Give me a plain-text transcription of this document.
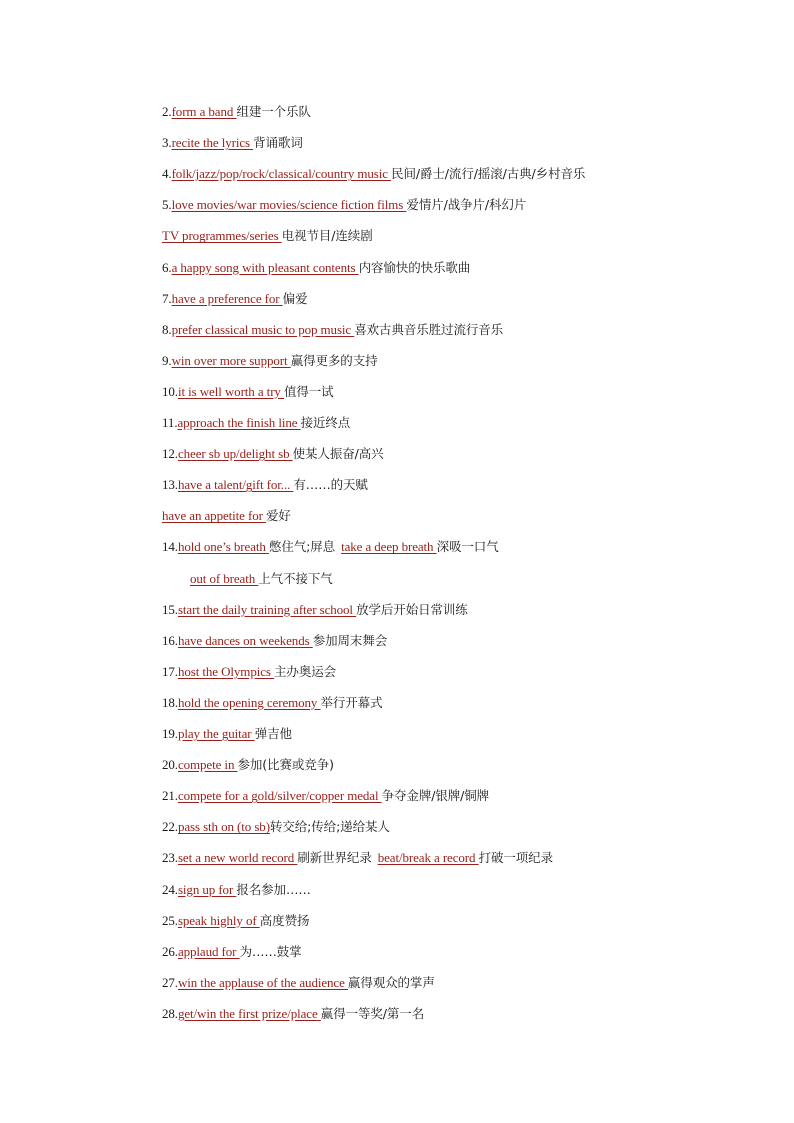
2.form a band 组建一个乐队
3.recite the lyrics 背诵歌词
4.folk/jazz/pop/rock/classical/country music 民间/爵士/流行/摇滚/古典/乡村音乐
5.love movies/war movies/science fiction films 爱情片/战争片/科幻片
TV programmes/series 电视节目/连续剧
6.a happy song with pleasant contents 内容愉快的快乐歌曲
7.have a preference for 偏爱
8.prefer classical music to pop music 喜欢古典音乐胜过流行音乐
9.win over more support 赢得更多的支持
10.it is well worth a try 值得一试
11.approach the finish line 接近终点
12.cheer sb up/delight sb 使某人振奋/高兴
13.have a talent/gift for... 有……的天赋
have an appetite for 爱好
14.hold one’s breath 憋住气;屏息 take a deep breath 深吸一口气
out of breath 上气不接下气
15.start the daily training after school 放学后开始日常训练
16.have dances on weekends 参加周末舞会
17.host the Olympics 主办奥运会
18.hold the opening ceremony 举行开幕式
19.play the guitar 弹吉他
20.compete in 参加(比赛或竞争)
21.compete for a gold/silver/copper medal 争夺金牌/银牌/铜牌
22.pass sth on (to sb)转交给;传给;递给某人
23.set a new world record 刷新世界纪录 beat/break a record 打破一项纪录
24.sign up for 报名参加……
25.speak highly of 高度赞扬
26.applaud for 为……鼓掌
27.win the applause of the audience 赢得观众的掌声
28.get/win the first prize/place 赢得一等奖/第一名
